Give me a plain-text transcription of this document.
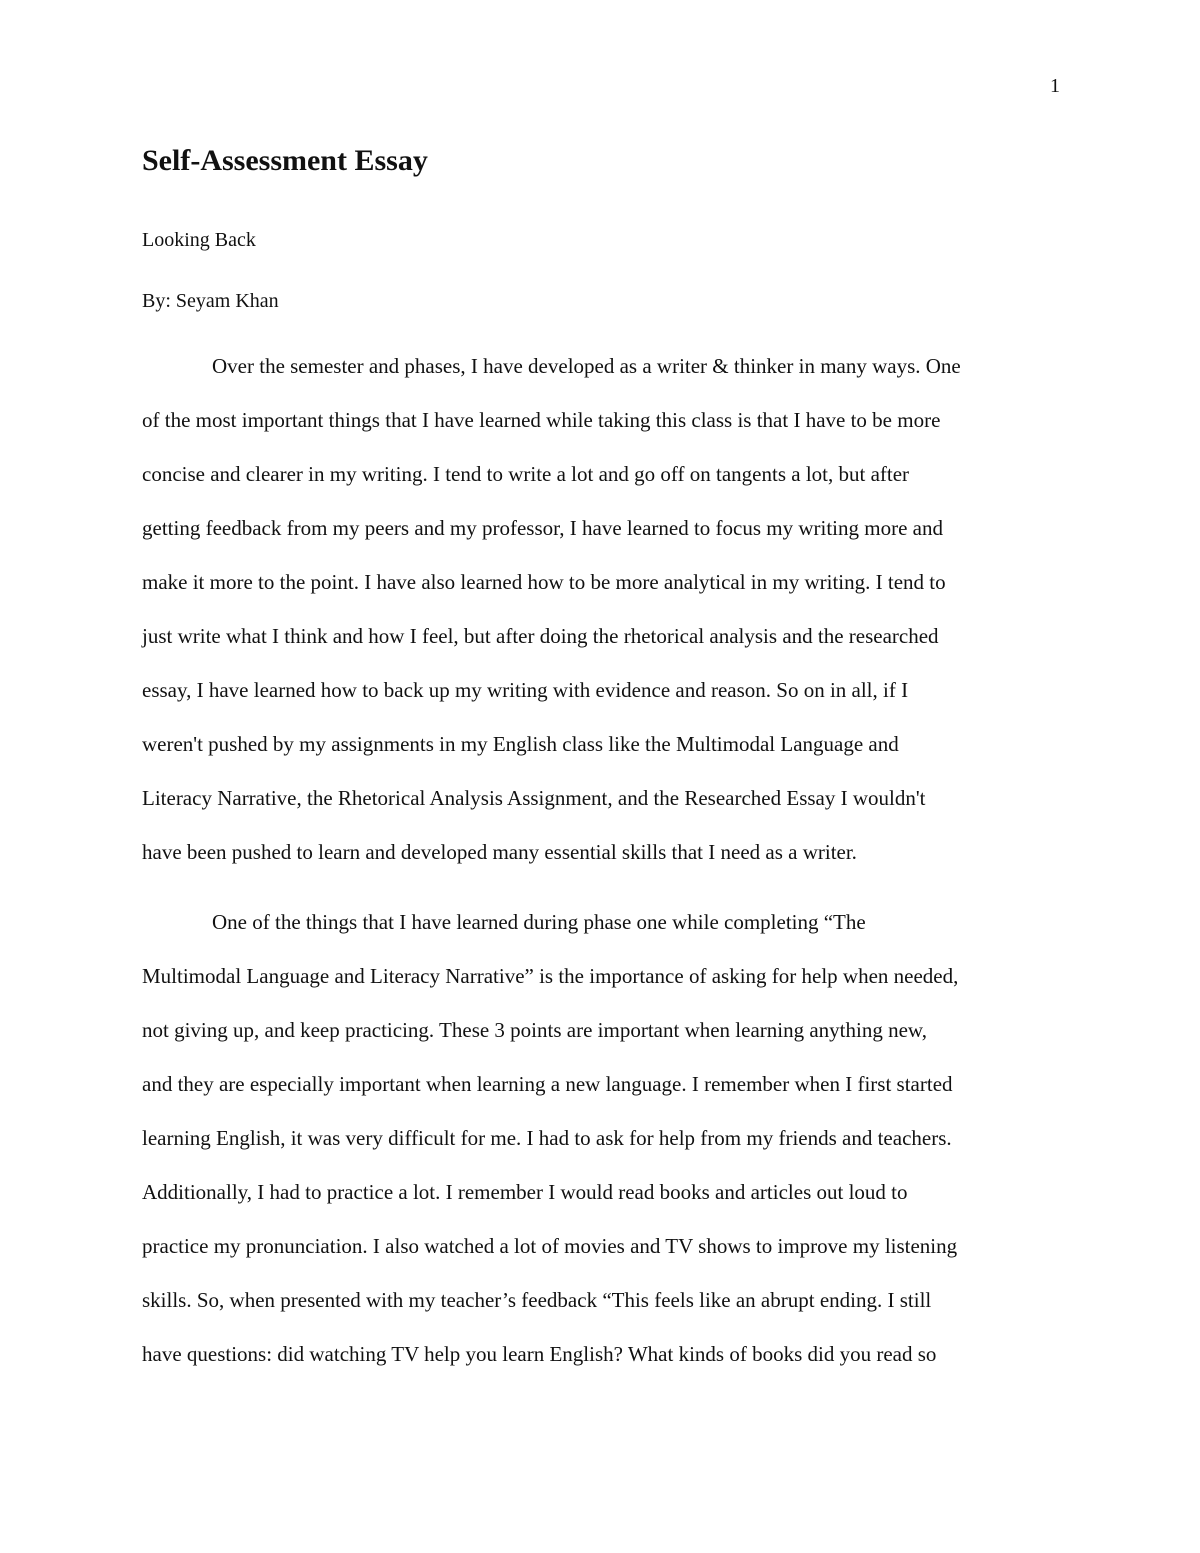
1
Self-Assessment Essay
Looking Back
By: Seyam Khan

Over the semester and phases, I have developed as a writer & thinker in many ways. One

of the most important things that I have learned while taking this class is that I have to be more

concise and clearer in my writing. I tend to write a lot and go off on tangents a lot, but after

getting feedback from my peers and my professor, I have learned to focus my writing more and

make it more to the point. I have also learned how to be more analytical in my writing. I tend to

just write what I think and how I feel, but after doing the rhetorical analysis and the researched

essay, I have learned how to back up my writing with evidence and reason. So on in all, if I

weren't pushed by my assignments in my English class like the Multimodal Language and

Literacy Narrative, the Rhetorical Analysis Assignment, and the Researched Essay I wouldn't

have been pushed to learn and developed many essential skills that I need as a writer.

One of the things that I have learned during phase one while completing “The

Multimodal Language and Literacy Narrative” is the importance of asking for help when needed,

not giving up, and keep practicing. These 3 points are important when learning anything new,

and they are especially important when learning a new language. I remember when I first started

learning English, it was very difficult for me. I had to ask for help from my friends and teachers.

Additionally, I had to practice a lot. I remember I would read books and articles out loud to

practice my pronunciation. I also watched a lot of movies and TV shows to improve my listening

skills. So, when presented with my teacher’s feedback “This feels like an abrupt ending. I still

have questions: did watching TV help you learn English? What kinds of books did you read so
